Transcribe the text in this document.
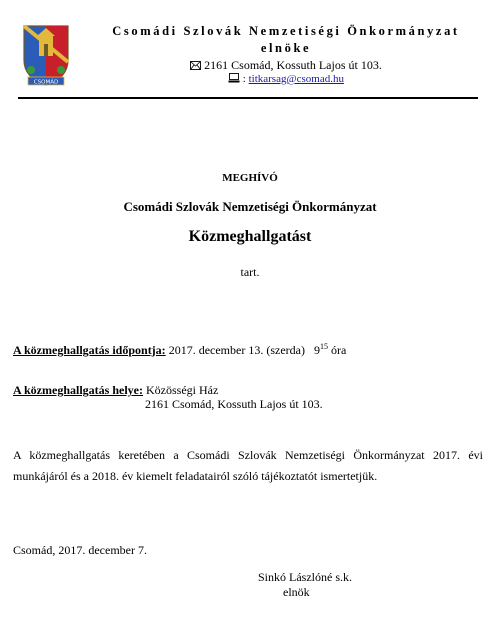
CSOMÁD
Csomádi Szlovák Nemzetiségi Önkormányzat
elnöke
2161 Csomád, Kossuth Lajos út 103.
: titkarsag@csomad.hu
MEGHÍVÓ
Csomádi Szlovák Nemzetiségi Önkormányzat
Közmeghallgatást
tart.
A közmeghallgatás időpontja: 2017. december 13. (szerda) $9^{15}$ óra
A közmeghallgatás helye: Közösségi Ház
2161 Csomád, Kossuth Lajos út 103.
A közmeghallgatás keretében a Csomádi Szlovák Nemzetiségi Önkormányzat 2017. évi munkájáról és a 2018. év kiemelt feladatairól szóló tájékoztatót ismertetjük.
Csomád, 2017. december 7.
Sinkó Lászlóné s.k.
elnök
